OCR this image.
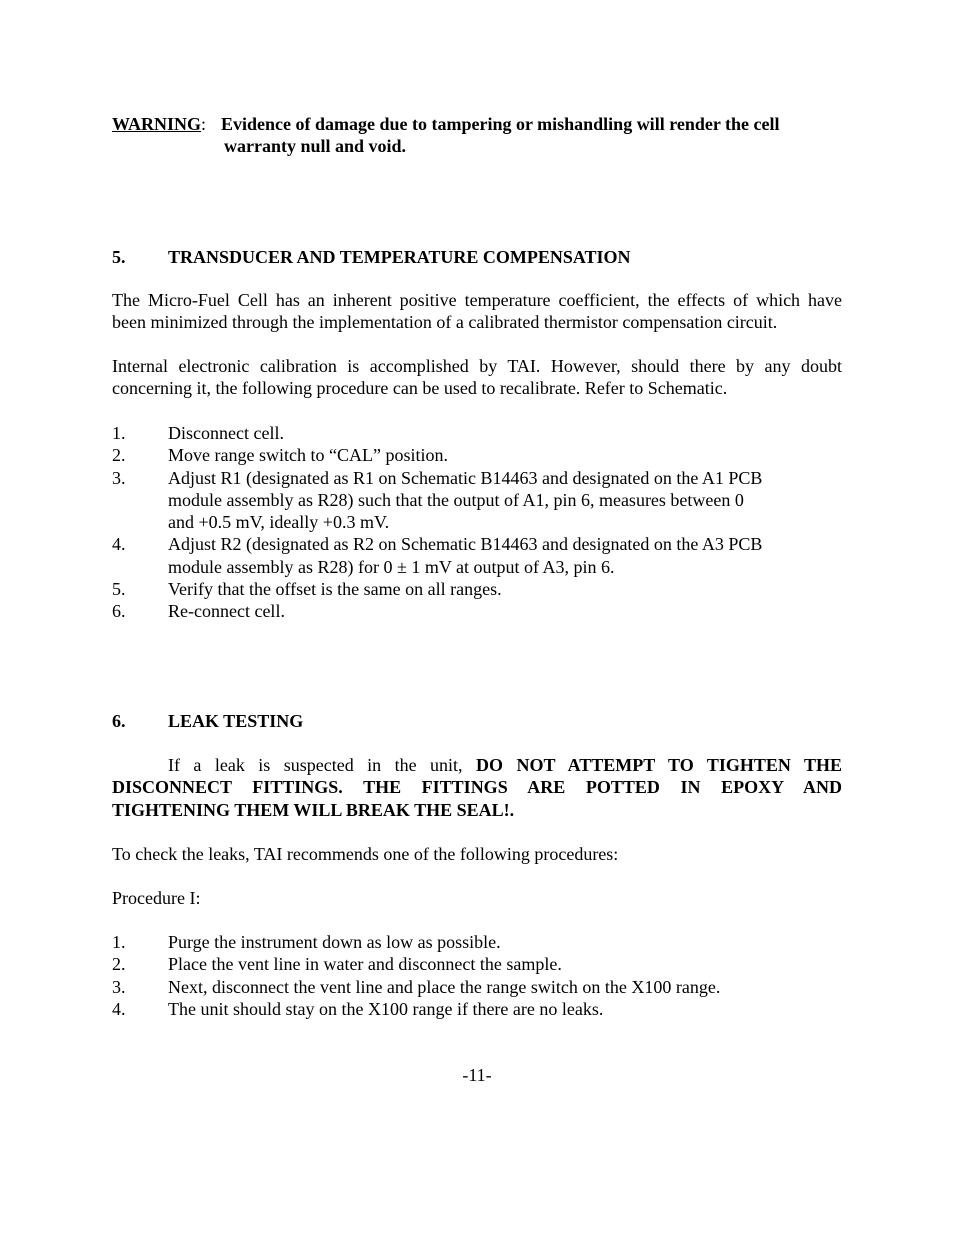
WARNING: Evidence of damage due to tampering or mishandling will render the cell
warranty null and void.
5. TRANSDUCER AND TEMPERATURE COMPENSATION
The Micro-Fuel Cell has an inherent positive temperature coefficient, the effects of which have
been minimized through the implementation of a calibrated thermistor compensation circuit.
Internal electronic calibration is accomplished by TAI. However, should there by any doubt
concerning it, the following procedure can be used to recalibrate. Refer to Schematic.
1. Disconnect cell.
2. Move range switch to “CAL” position.
3. Adjust R1 (designated as R1 on Schematic B14463 and designated on the A1 PCB
module assembly as R28) such that the output of A1, pin 6, measures between 0
and +0.5 mV, ideally +0.3 mV.
4. Adjust R2 (designated as R2 on Schematic B14463 and designated on the A3 PCB
module assembly as R28) for 0 ± 1 mV at output of A3, pin 6.
5. Verify that the offset is the same on all ranges.
6. Re-connect cell.
6. LEAK TESTING
If a leak is suspected in the unit, DO NOT ATTEMPT TO TIGHTEN THE
DISCONNECT FITTINGS. THE FITTINGS ARE POTTED IN EPOXY AND
TIGHTENING THEM WILL BREAK THE SEAL!.
To check the leaks, TAI recommends one of the following procedures:
Procedure I:
1. Purge the instrument down as low as possible.
2. Place the vent line in water and disconnect the sample.
3. Next, disconnect the vent line and place the range switch on the X100 range.
4. The unit should stay on the X100 range if there are no leaks.
-11-
